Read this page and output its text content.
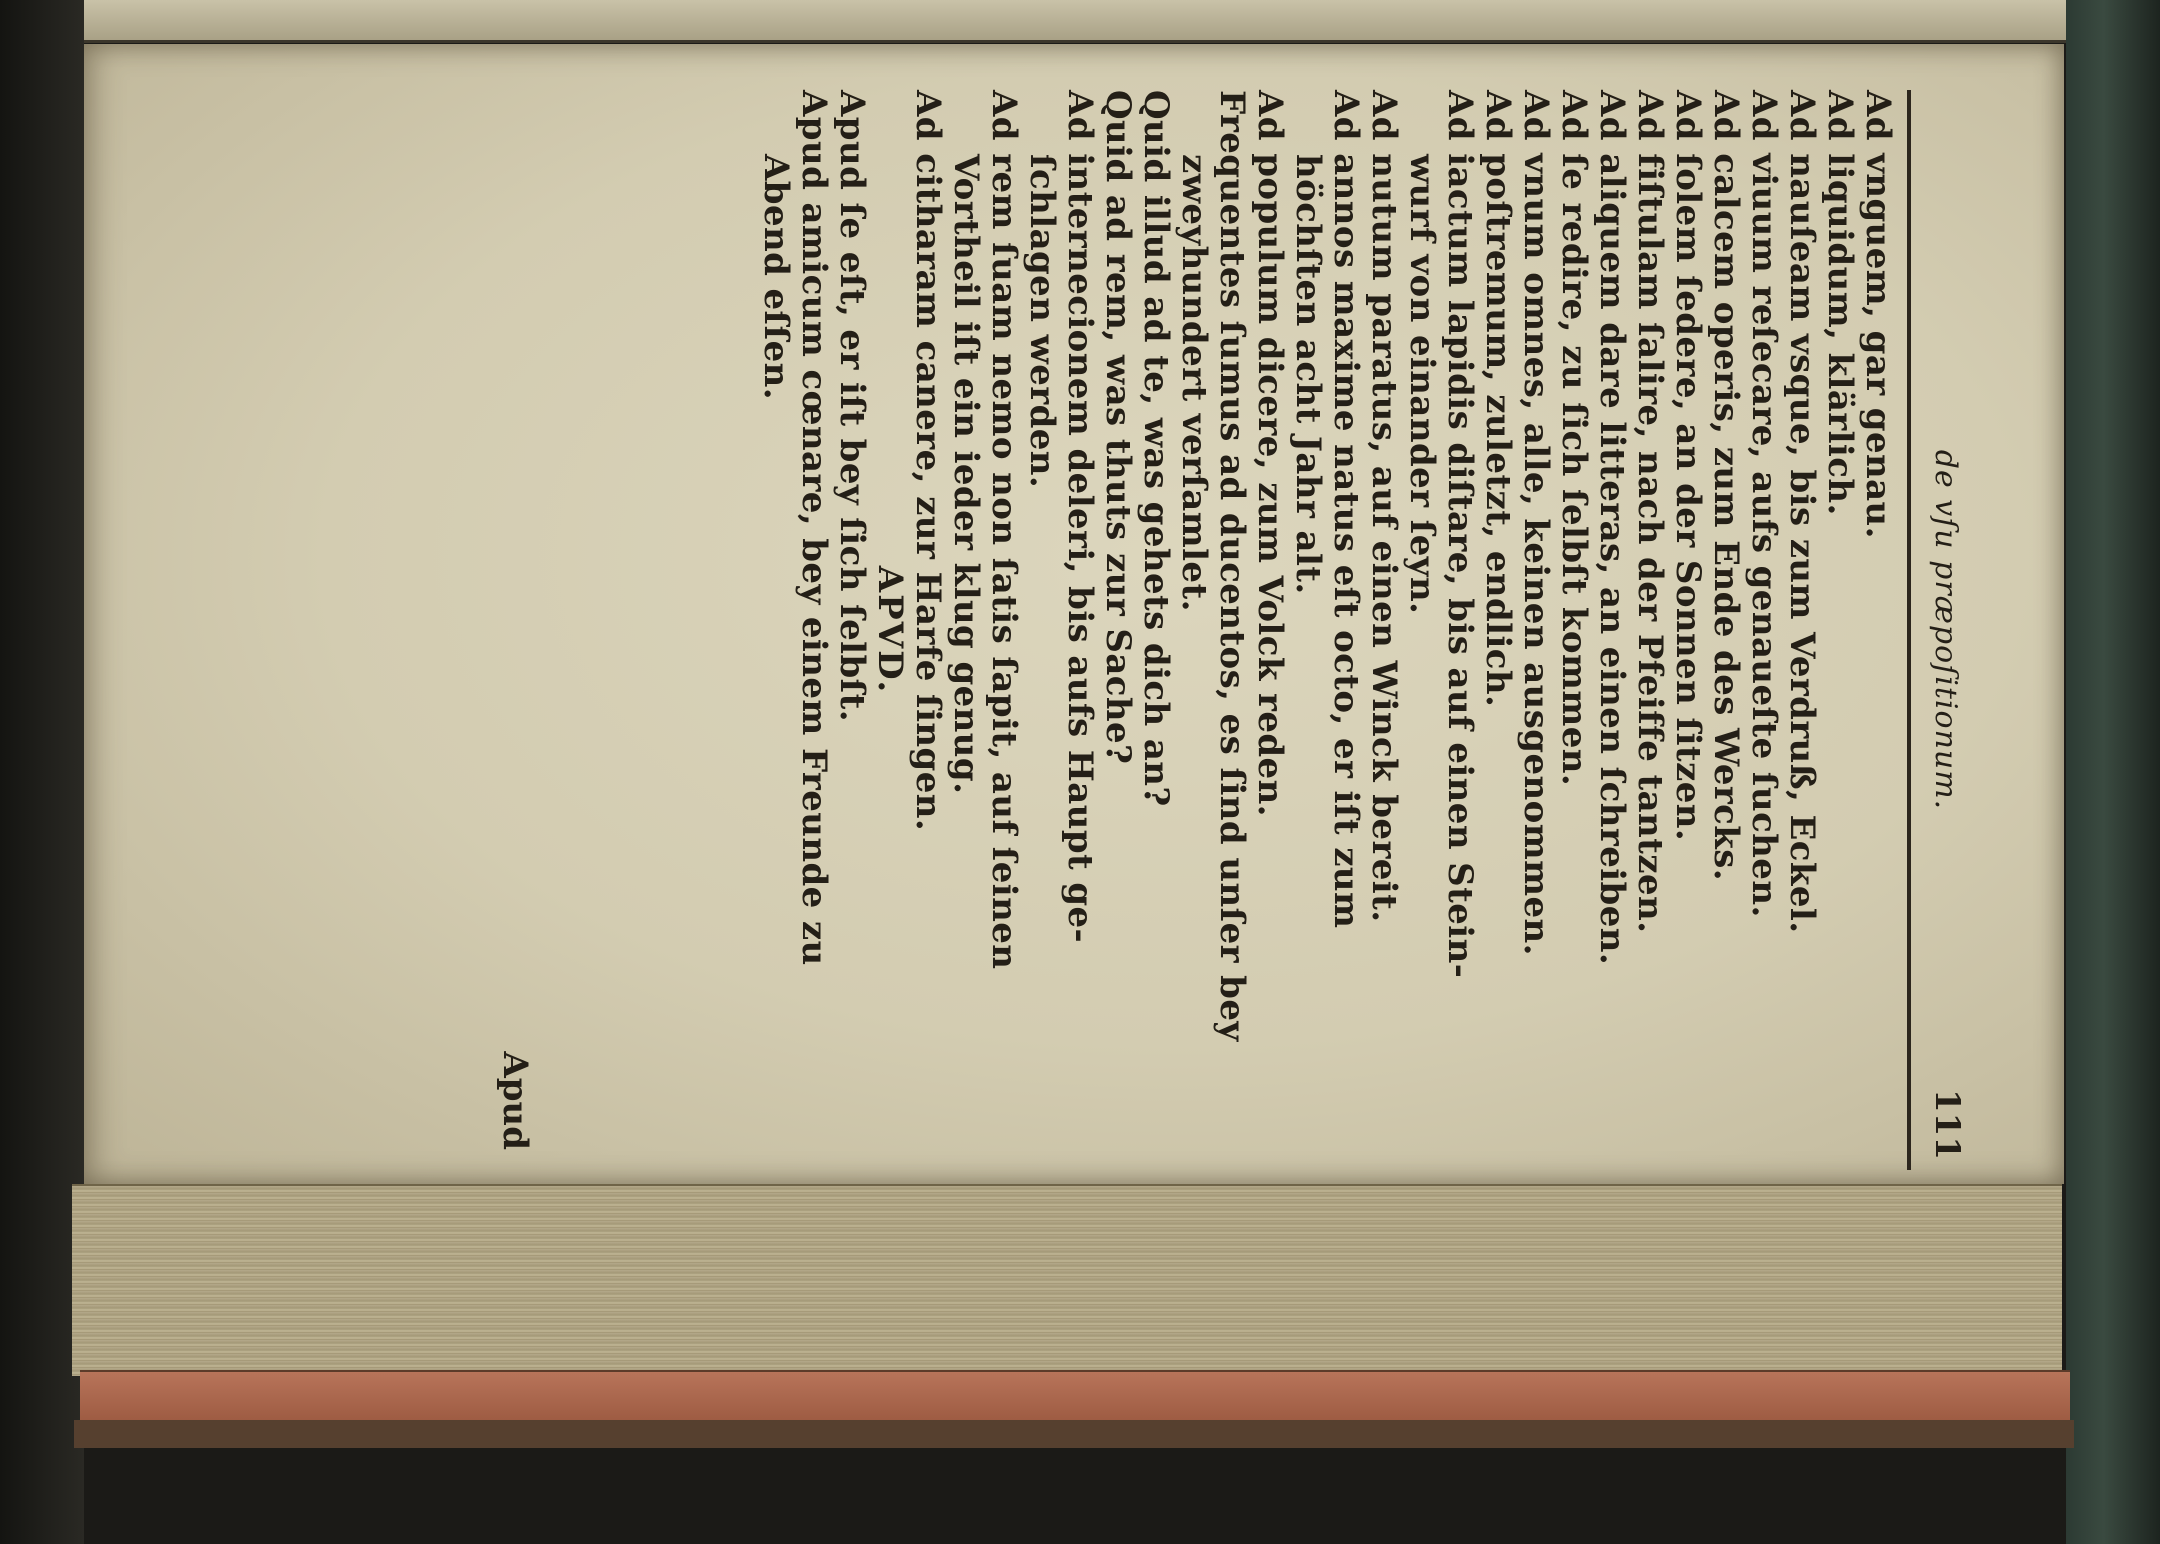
de vſu præpoſitionum.
111
Ad vnguem, gar genau.
Ad liquidum, klärlich.
Ad nauſeam vsque, bis zum Verdruß, Eckel.
Ad viuum reſecare, aufs genaueſte ſuchen.
Ad calcem operis, zum Ende des Wercks.
Ad ſolem ſedere, an der Sonnen ſitzen.
Ad fiſtulam ſalire, nach der Pfeiffe tantzen.
Ad aliquem dare litteras, an einen ſchreiben.
Ad ſe redire, zu ſich ſelbſt kommen.
Ad vnum omnes, alle, keinen ausgenommen.
Ad poſtremum, zuletzt, endlich.
Ad iactum lapidis diſtare, bis auf einen Stein-
wurf von einander ſeyn.
Ad nutum paratus, auf einen Winck bereit.
Ad annos maxime natus eſt octo, er iſt zum
höchſten acht Jahr alt.
Ad populum dicere, zum Volck reden.
Frequentes ſumus ad ducentos, es ſind unſer bey
zweyhundert verſamlet.
Quid illud ad te, was gehets dich an?
Quid ad rem, was thuts zur Sache?
Ad internecionem deleri, bis aufs Haupt ge-
ſchlagen werden.
Ad rem ſuam nemo non ſatis ſapit, auf ſeinen
Vortheil iſt ein ieder klug genug.
Ad citharam canere, zur Harfe ſingen.
APVD.
Apud ſe eſt, er iſt bey ſich ſelbſt.
Apud amicum cœnare, bey einem Freunde zu
Abend eſſen.
Apud
